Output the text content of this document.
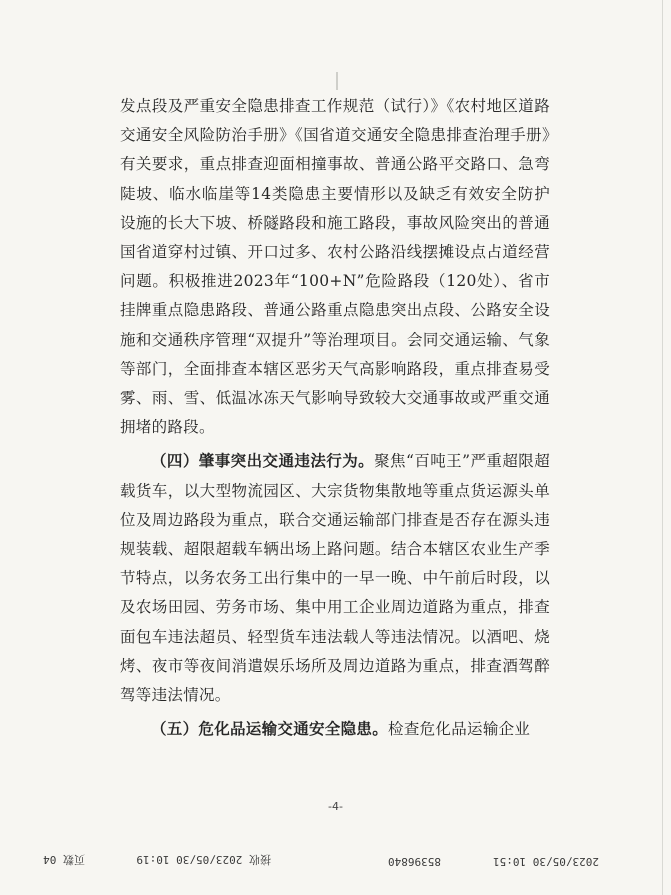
发点段及严重安全隐患排查工作规范（试行）》《农村地区道路交通安全风险防治手册》《国省道交通安全隐患排查治理手册》有关要求，重点排查迎面相撞事故、普通公路平交路口、急弯陡坡、临水临崖等14类隐患主要情形以及缺乏有效安全防护设施的长大下坡、桥隧路段和施工路段，事故风险突出的普通国省道穿村过镇、开口过多、农村公路沿线摆摊设点占道经营问题。积极推进2023年“100+N”危险路段（120处）、省市挂牌重点隐患路段、普通公路重点隐患突出点段、公路安全设施和交通秩序管理“双提升”等治理项目。会同交通运输、气象等部门，全面排查本辖区恶劣天气高影响路段，重点排查易受雾、雨、雪、低温冰冻天气影响导致较大交通事故或严重交通拥堵的路段。

（四）肇事突出交通违法行为。聚焦“百吨王”严重超限超载货车，以大型物流园区、大宗货物集散地等重点货运源头单位及周边路段为重点，联合交通运输部门排查是否存在源头违规装载、超限超载车辆出场上路问题。结合本辖区农业生产季节特点，以务农务工出行集中的一早一晚、中午前后时段，以及农场田园、劳务市场、集中用工企业周边道路为重点，排查面包车违法超员、轻型货车违法载人等违法情况。以酒吧、烧烤、夜市等夜间消遣娱乐场所及周边道路为重点，排查酒驾醉驾等违法情况。

（五）危化品运输交通安全隐患。检查危化品运输企业

-4-
2023/05/30 10:51
85396840
接收 2023/05/30 10:19
页数 04
